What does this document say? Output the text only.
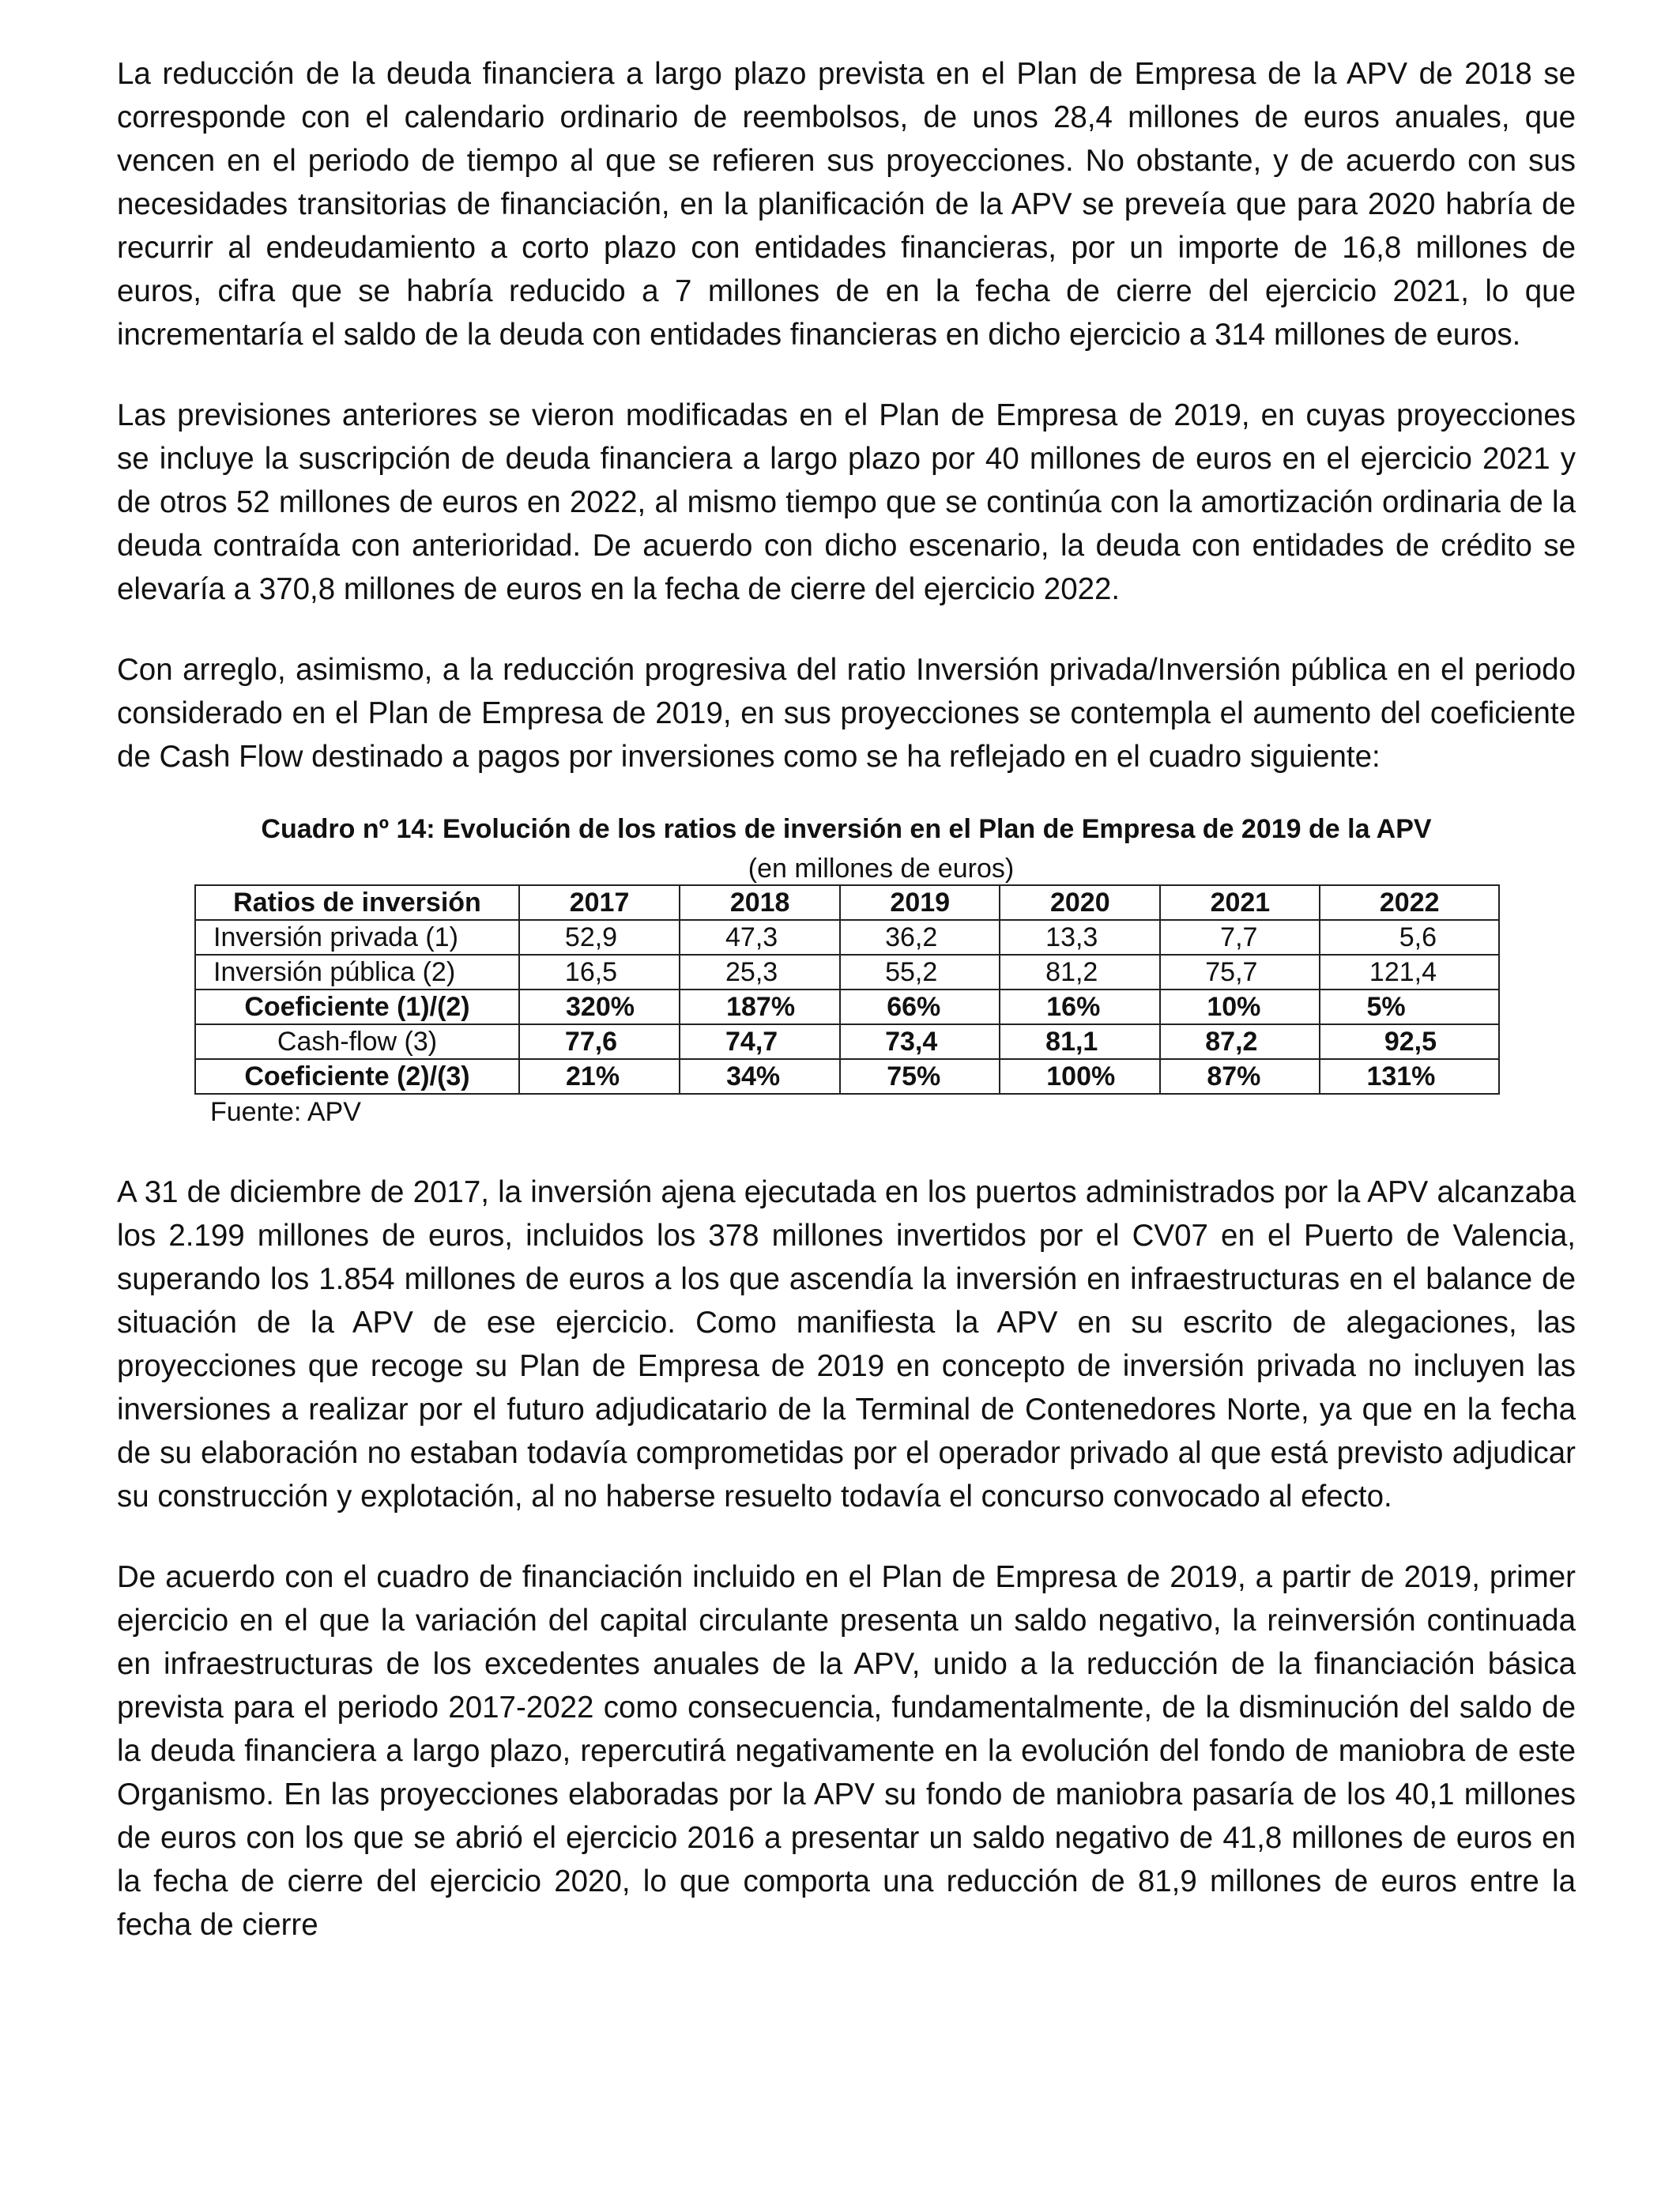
La reducción de la deuda financiera a largo plazo prevista en el Plan de Empresa de la APV de 2018 se corresponde con el calendario ordinario de reembolsos, de unos 28,4 millones de euros anuales, que vencen en el periodo de tiempo al que se refieren sus proyecciones. No obstante, y de acuerdo con sus necesidades transitorias de financiación, en la planificación de la APV se preveía que para 2020 habría de recurrir al endeudamiento a corto plazo con entidades financieras, por un importe de 16,8 millones de euros, cifra que se habría reducido a 7 millones de en la fecha de cierre del ejercicio 2021, lo que incrementaría el saldo de la deuda con entidades financieras en dicho ejercicio a 314 millones de euros.

Las previsiones anteriores se vieron modificadas en el Plan de Empresa de 2019, en cuyas proyecciones se incluye la suscripción de deuda financiera a largo plazo por 40 millones de euros en el ejercicio 2021 y de otros 52 millones de euros en 2022, al mismo tiempo que se continúa con la amortización ordinaria de la deuda contraída con anterioridad. De acuerdo con dicho escenario, la deuda con entidades de crédito se elevaría a 370,8 millones de euros en la fecha de cierre del ejercicio 2022.

Con arreglo, asimismo, a la reducción progresiva del ratio Inversión privada/Inversión pública en el periodo considerado en el Plan de Empresa de 2019, en sus proyecciones se contempla el aumento del coeficiente de Cash Flow destinado a pagos por inversiones como se ha reflejado en el cuadro siguiente:

Cuadro nº 14: Evolución de los ratios de inversión en el Plan de Empresa de 2019 de la APV

(en millones de euros)

Ratios de inversión	2017	2018	2019	2020	2021	2022
Inversión privada (1)	52,9	47,3	36,2	13,3	7,7	5,6
Inversión pública (2)	16,5	25,3	55,2	81,2	75,7	121,4
Coeficiente (1)/(2)	320%	187%	66%	16%	10%	5%
Cash-flow (3)	77,6	74,7	73,4	81,1	87,2	92,5
Coeficiente (2)/(3)	21%	34%	75%	100%	87%	131%

Fuente: APV

A 31 de diciembre de 2017, la inversión ajena ejecutada en los puertos administrados por la APV alcanzaba los 2.199 millones de euros, incluidos los 378 millones invertidos por el CV07 en el Puerto de Valencia, superando los 1.854 millones de euros a los que ascendía la inversión en infraestructuras en el balance de situación de la APV de ese ejercicio. Como manifiesta la APV en su escrito de alegaciones, las proyecciones que recoge su Plan de Empresa de 2019 en concepto de inversión privada no incluyen las inversiones a realizar por el futuro adjudicatario de la Terminal de Contenedores Norte, ya que en la fecha de su elaboración no estaban todavía comprometidas por el operador privado al que está previsto adjudicar su construcción y explotación, al no haberse resuelto todavía el concurso convocado al efecto.

De acuerdo con el cuadro de financiación incluido en el Plan de Empresa de 2019, a partir de 2019, primer ejercicio en el que la variación del capital circulante presenta un saldo negativo, la reinversión continuada en infraestructuras de los excedentes anuales de la APV, unido a la reducción de la financiación básica prevista para el periodo 2017-2022 como consecuencia, fundamentalmente, de la disminución del saldo de la deuda financiera a largo plazo, repercutirá negativamente en la evolución del fondo de maniobra de este Organismo. En las proyecciones elaboradas por la APV su fondo de maniobra pasaría de los 40,1 millones de euros con los que se abrió el ejercicio 2016 a presentar un saldo negativo de 41,8 millones de euros en la fecha de cierre del ejercicio 2020, lo que comporta una reducción de 81,9 millones de euros entre la fecha de cierre
